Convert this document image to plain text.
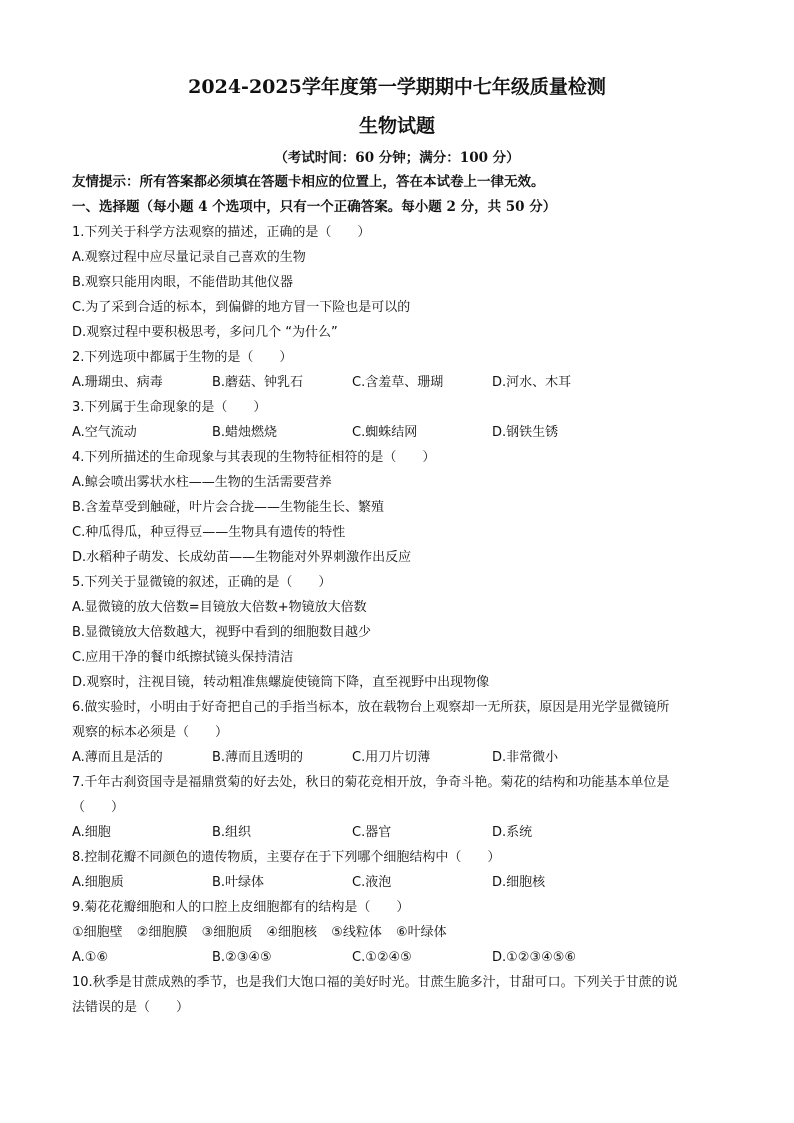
2024-2025学年度第一学期期中七年级质量检测
生物试题
（考试时间：60 分钟；满分：100 分）
友情提示：所有答案都必须填在答题卡相应的位置上，答在本试卷上一律无效。
一、选择题（每小题 4 个选项中，只有一个正确答案。每小题 2 分，共 50 分）
1.下列关于科学方法观察的描述，正确的是（　　）
A.观察过程中应尽量记录自己喜欢的生物
B.观察只能用肉眼，不能借助其他仪器
C.为了采到合适的标本，到偏僻的地方冒一下险也是可以的
D.观察过程中要积极思考，多问几个 “为什么”
2.下列选项中都属于生物的是（　　）
A.珊瑚虫、病毒	B.蘑菇、钟乳石	C.含羞草、珊瑚	D.河水、木耳
3.下列属于生命现象的是（　　）
A.空气流动	B.蜡烛燃烧	C.蜘蛛结网	D.钢铁生锈
4.下列所描述的生命现象与其表现的生物特征相符的是（　　）
A.鲸会喷出雾状水柱——生物的生活需要营养
B.含羞草受到触碰，叶片会合拢——生物能生长、繁殖
C.种瓜得瓜，种豆得豆——生物具有遗传的特性
D.水稻种子萌发、长成幼苗——生物能对外界刺激作出反应
5.下列关于显微镜的叙述，正确的是（　　）
A.显微镜的放大倍数=目镜放大倍数+物镜放大倍数
B.显微镜放大倍数越大，视野中看到的细胞数目越少
C.应用干净的餐巾纸擦拭镜头保持清洁
D.观察时，注视目镜，转动粗准焦螺旋使镜筒下降，直至视野中出现物像
6.做实验时，小明由于好奇把自己的手指当标本，放在载物台上观察却一无所获，原因是用光学显微镜所
观察的标本必须是（　　）
A.薄而且是活的	B.薄而且透明的	C.用刀片切薄	D.非常微小
7.千年古刹资国寺是福鼎赏菊的好去处，秋日的菊花竞相开放，争奇斗艳。菊花的结构和功能基本单位是
（　　）
A.细胞	B.组织	C.器官	D.系统
8.控制花瓣不同颜色的遗传物质，主要存在于下列哪个细胞结构中（　　）
A.细胞质	B.叶绿体	C.液泡	D.细胞核
9.菊花花瓣细胞和人的口腔上皮细胞都有的结构是（　　）
①细胞壁 ②细胞膜 ③细胞质 ④细胞核 ⑤线粒体 ⑥叶绿体
A.①⑥	B.②③④⑤	C.①②④⑤	D.①②③④⑤⑥
10.秋季是甘蔗成熟的季节，也是我们大饱口福的美好时光。甘蔗生脆多汁，甘甜可口。下列关于甘蔗的说
法错误的是（　　）
